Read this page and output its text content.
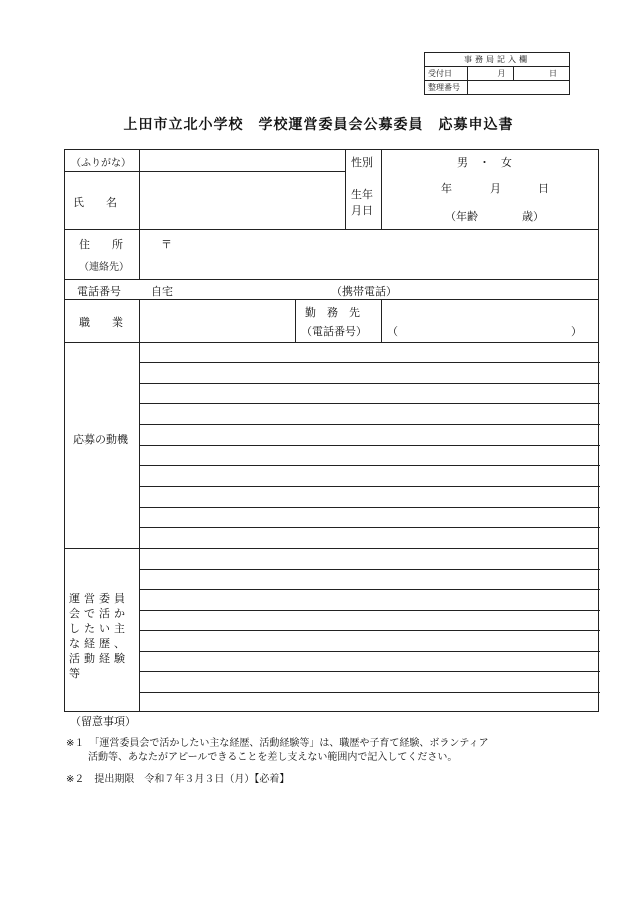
事務局記入欄		
受付日	月	日
整理番号		
上田市立北小学校　学校運営委員会公募委員　応募申込書
（ふりがな）
氏　　名
性別	男　・　女
生年
月日
年	月	日
（年齢　　　　歳）
住　　所
（連絡先）
〒
電話番号	自宅	（携帯電話）
職　　業
勤　務　先
（電話番号） （	）
応募の動機
運営委員会で活かしたい主な経歴、活動経験等
（留意事項）
※１　「運営委員会で活かしたい主な経歴、活動経験等」は、職歴や子育て経験、ボランティア
活動等、あなたがアピールできることを差し支えない範囲内で記入してください。
※２　提出期限　令和７年３月３日（月）【必着】
